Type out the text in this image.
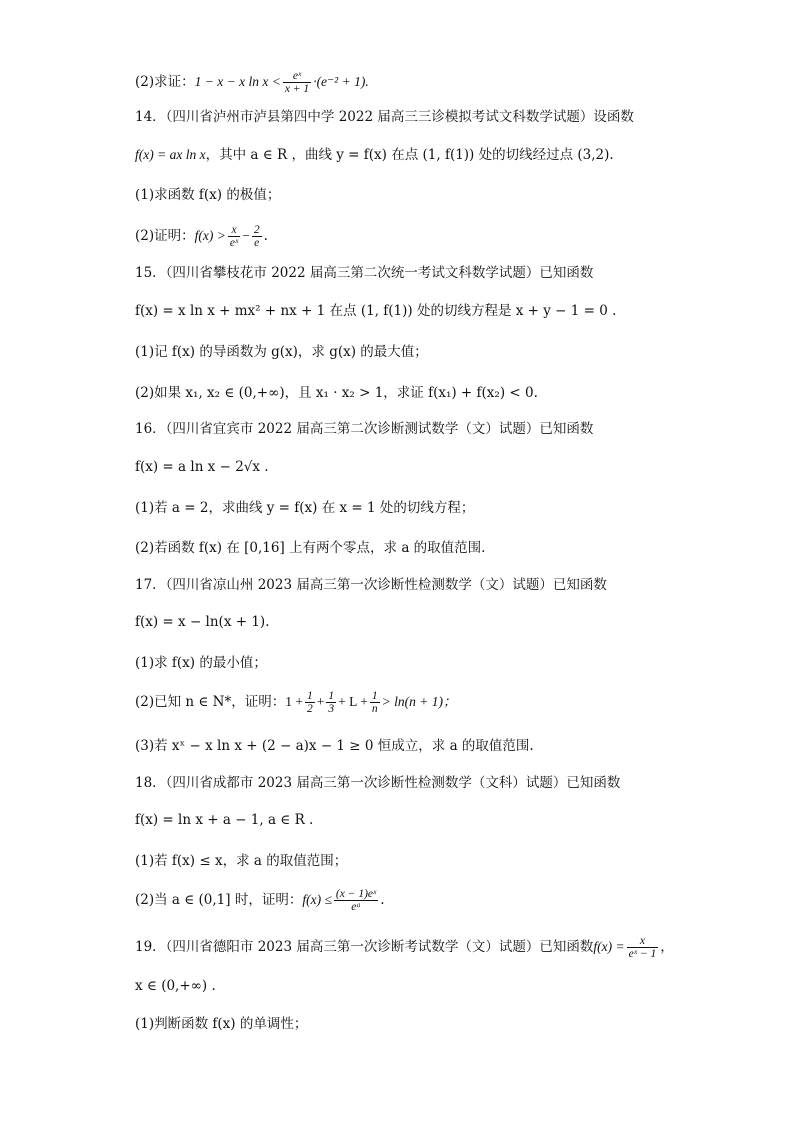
(2)求证：1 − x − x $\ln x < \frac{\text{eˣ}}{x + 1} \cdot(e^{-2} + 1)$.
14．（四川省泸州市泸县第四中学 2022 届高三三诊模拟考试文科数学试题）设函数
f(x) = ax ln x，其中 a ∈ R ，曲线 y = f(x) 在点 (1, f(1)) 处的切线经过点 (3,2).
(1)求函数 f(x) 的极值；
(2)证明：$f(x) > \frac{x}{\text{eˣ}} - \frac{2}{e}$ .
15．（四川省攀枝花市 2022 届高三第二次统一考试文科数学试题）已知函数
f(x) = x ln x + mx² + nx + 1 在点 (1, f(1)) 处的切线方程是 x + y − 1 = 0 .
(1)记 f(x) 的导函数为 g(x)，求 g(x) 的最大值；
(2)如果 x₁, x₂ ∈ (0,+∞)，且 x₁ · x₂ > 1，求证 f(x₁) + f(x₂) < 0.
16．（四川省宜宾市 2022 届高三第二次诊断测试数学（文）试题）已知函数
f(x) = a ln x − 2√x .
(1)若 a = 2，求曲线 y = f(x) 在 x = 1 处的切线方程；
(2)若函数 f(x) 在 [0,16] 上有两个零点，求 a 的取值范围.
17．（四川省凉山州 2023 届高三第一次诊断性检测数学（文）试题）已知函数
f(x) = x − ln(x + 1).
(1)求 f(x) 的最小值；
(2)已知 n ∈ N*，证明：$1 + \frac{1}{2} + \frac{1}{3} + L + \frac{1}{n} > \ln(n + 1)$；
(3)若 xˣ − x ln x + (2 − a)x − 1 ≥ 0 恒成立，求 a 的取值范围.
18．（四川省成都市 2023 届高三第一次诊断性检测数学（文科）试题）已知函数
f(x) = ln x + a − 1, a ∈ R .
(1)若 f(x) ≤ x，求 a 的取值范围；
(2)当 a ∈ (0,1] 时，证明：$f(x) \le \frac{\text{(x − 1)eˣ}}{\text{eᵃ}}$ .
19．（四川省德阳市 2023 届高三第一次诊断考试数学（文）试题）已知函数$f(x) = \frac{x}{\text{eˣ − 1}}$ ，
x ∈ (0,+∞) .
(1)判断函数 f(x) 的单调性；
